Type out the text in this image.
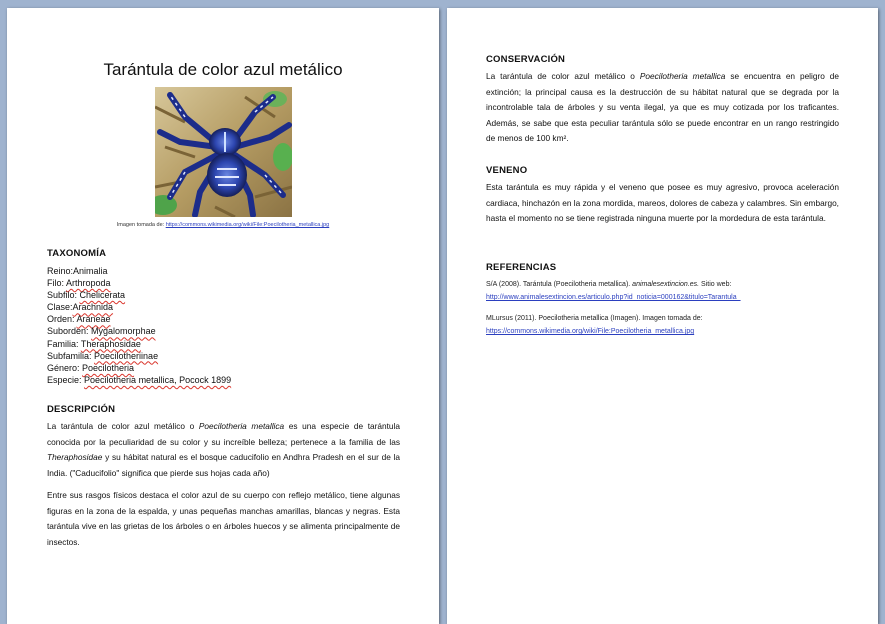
Tarántula de color azul metálico
Imagen tomada de: https://commons.wikimedia.org/wiki/File:Poecilotheria_metallica.jpg
TAXONOMÍA
Reino:Animalia
Filo: Arthropoda
Subfilo: Chelicerata
Clase:Arachnida
Orden: Araneae
Suborden: Mygalomorphae
Familia: Theraphosidae
Subfamilia: Poecilotheriinae
Género: Poecilotheria
Especie: Poecilotheria metallica, Pocock 1899
DESCRIPCIÓN
La tarántula de color azul metálico o Poecilotheria metallica es una especie de tarántula conocida por la peculiaridad de su color y su increíble belleza; pertenece a la familia de las Theraphosidae y su hábitat natural es el bosque caducifolio en Andhra Pradesh en el sur de la India. ("Caducifolio" significa que pierde sus hojas cada año)
Entre sus rasgos físicos destaca el color azul de su cuerpo con reflejo metálico, tiene algunas figuras en la zona de la espalda, y unas pequeñas manchas amarillas, blancas y negras. Esta tarántula vive en las grietas de los árboles o en árboles huecos y se alimenta principalmente de insectos.
CONSERVACIÓN
La tarántula de color azul metálico o Poecilotheria metallica se encuentra en peligro de extinción; la principal causa es la destrucción de su hábitat natural que se degrada por la incontrolable tala de árboles y su venta ilegal, ya que es muy cotizada por los traficantes. Además, se sabe que esta peculiar tarántula sólo se puede encontrar en un rango restringido de menos de 100 km².
VENENO
Esta tarántula es muy rápida y el veneno que posee es muy agresivo, provoca aceleración cardiaca, hinchazón en la zona mordida, mareos, dolores de cabeza y calambres. Sin embargo, hasta el momento no se tiene registrada ninguna muerte por la mordedura de esta tarántula.
REFERENCIAS
S/A (2008). Tarántula (Poecilotheria metallica). animalesextincion.es. Sitio web:
http://www.animalesextincion.es/articulo.php?id_noticia=000162&titulo=Tarantula_
MLursus (2011). Poecilotheria metallica (Imagen). Imagen tomada de:
https://commons.wikimedia.org/wiki/File:Poecilotheria_metallica.jpg
